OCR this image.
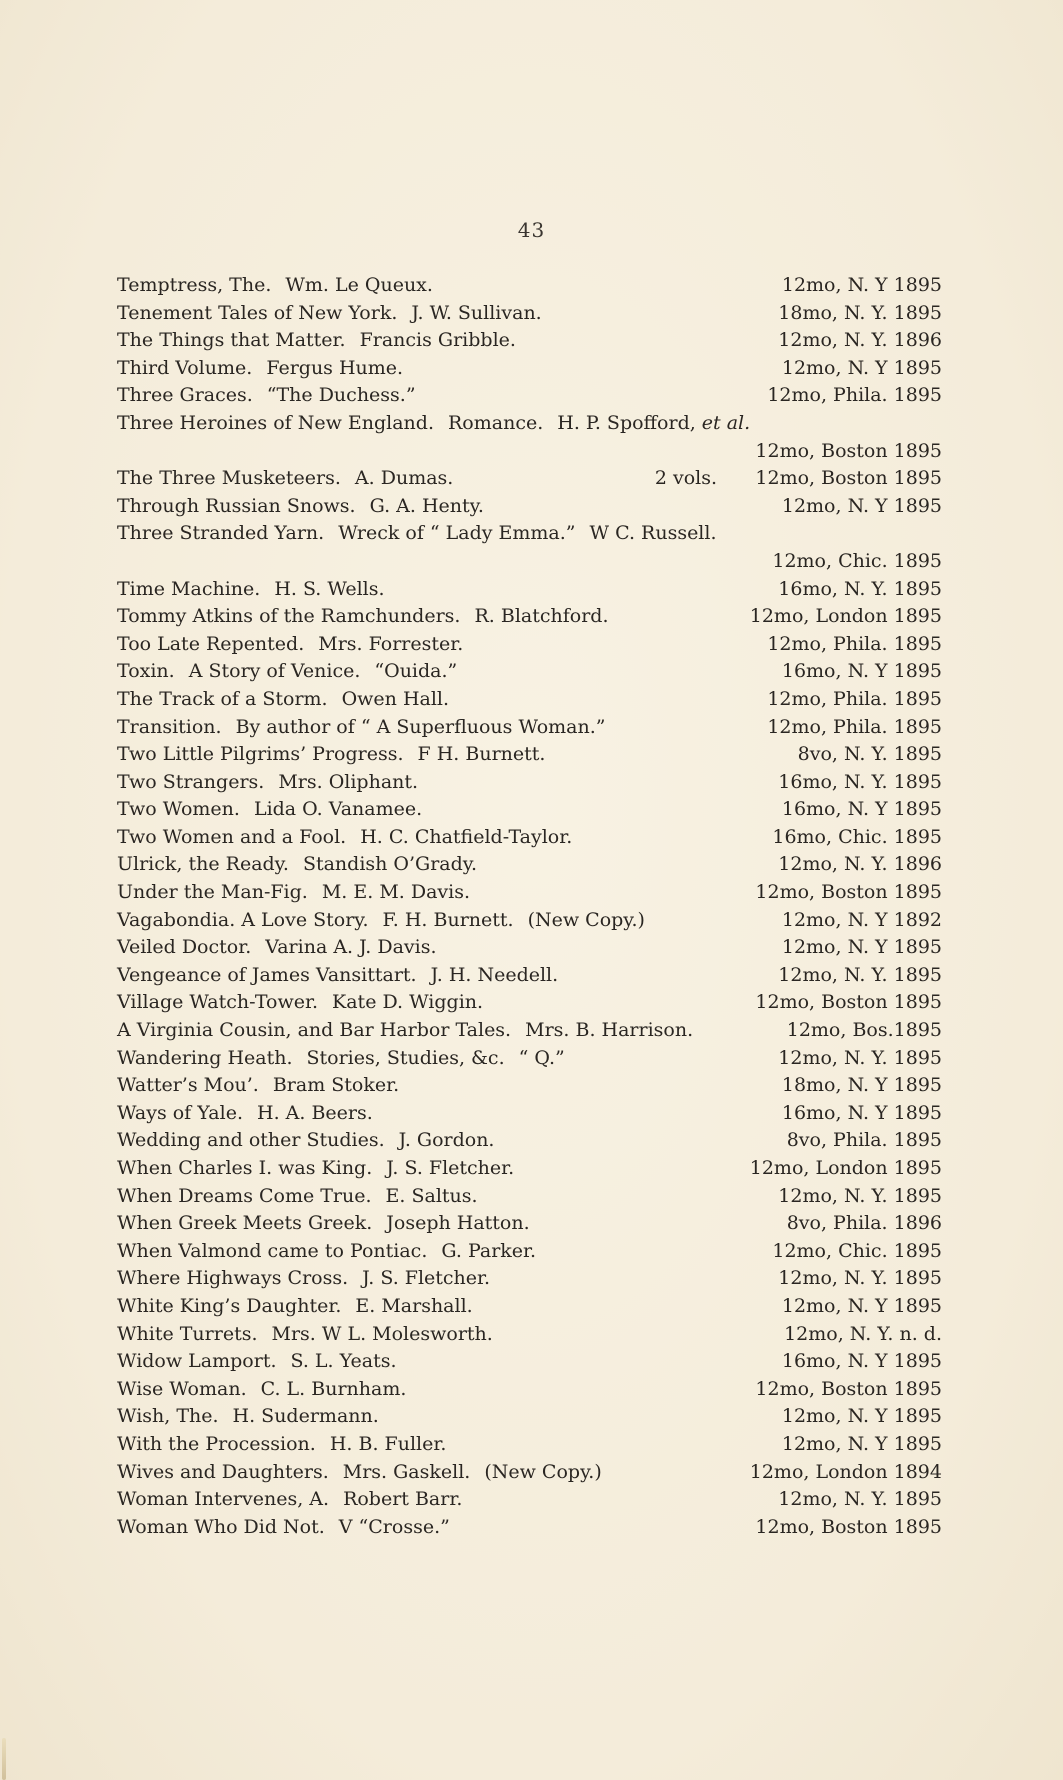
43
Temptress, The. Wm. Le Queux.	12mo, N. Y 1895
Tenement Tales of New York. J. W. Sullivan.	18mo, N. Y. 1895
The Things that Matter. Francis Gribble.	12mo, N. Y. 1896
Third Volume. Fergus Hume.	12mo, N. Y 1895
Three Graces. “The Duchess.”	12mo, Phila. 1895
Three Heroines of New England. Romance. H. P. Spofford, et al.
12mo, Boston 1895
The Three Musketeers. A. Dumas.	2 vols. 12mo, Boston 1895
Through Russian Snows. G. A. Henty.	12mo, N. Y 1895
Three Stranded Yarn. Wreck of “ Lady Emma.” W C. Russell.
12mo, Chic. 1895
Time Machine. H. S. Wells.	16mo, N. Y. 1895
Tommy Atkins of the Ramchunders. R. Blatchford.	12mo, London 1895
Too Late Repented. Mrs. Forrester.	12mo, Phila. 1895
Toxin. A Story of Venice. “Ouida.”	16mo, N. Y 1895
The Track of a Storm. Owen Hall.	12mo, Phila. 1895
Transition. By author of “ A Superfluous Woman.”	12mo, Phila. 1895
Two Little Pilgrims’ Progress. F H. Burnett.	8vo, N. Y. 1895
Two Strangers. Mrs. Oliphant.	16mo, N. Y. 1895
Two Women. Lida O. Vanamee.	16mo, N. Y 1895
Two Women and a Fool. H. C. Chatfield-Taylor.	16mo, Chic. 1895
Ulrick, the Ready. Standish O’Grady.	12mo, N. Y. 1896
Under the Man-Fig. M. E. M. Davis.	12mo, Boston 1895
Vagabondia. A Love Story. F. H. Burnett. (New Copy.)	12mo, N. Y 1892
Veiled Doctor. Varina A. J. Davis.	12mo, N. Y 1895
Vengeance of James Vansittart. J. H. Needell.	12mo, N. Y. 1895
Village Watch-Tower. Kate D. Wiggin.	12mo, Boston 1895
A Virginia Cousin, and Bar Harbor Tales. Mrs. B. Harrison.	12mo, Bos.1895
Wandering Heath. Stories, Studies, &c. “ Q.”	12mo, N. Y. 1895
Watter’s Mou’. Bram Stoker.	18mo, N. Y 1895
Ways of Yale. H. A. Beers.	16mo, N. Y 1895
Wedding and other Studies. J. Gordon.	8vo, Phila. 1895
When Charles I. was King. J. S. Fletcher.	12mo, London 1895
When Dreams Come True. E. Saltus.	12mo, N. Y. 1895
When Greek Meets Greek. Joseph Hatton.	8vo, Phila. 1896
When Valmond came to Pontiac. G. Parker.	12mo, Chic. 1895
Where Highways Cross. J. S. Fletcher.	12mo, N. Y. 1895
White King’s Daughter. E. Marshall.	12mo, N. Y 1895
White Turrets. Mrs. W L. Molesworth.	12mo, N. Y. n. d.
Widow Lamport. S. L. Yeats.	16mo, N. Y 1895
Wise Woman. C. L. Burnham.	12mo, Boston 1895
Wish, The. H. Sudermann.	12mo, N. Y 1895
With the Procession. H. B. Fuller.	12mo, N. Y 1895
Wives and Daughters. Mrs. Gaskell. (New Copy.)	12mo, London 1894
Woman Intervenes, A. Robert Barr.	12mo, N. Y. 1895
Woman Who Did Not. V “Crosse.”	12mo, Boston 1895
